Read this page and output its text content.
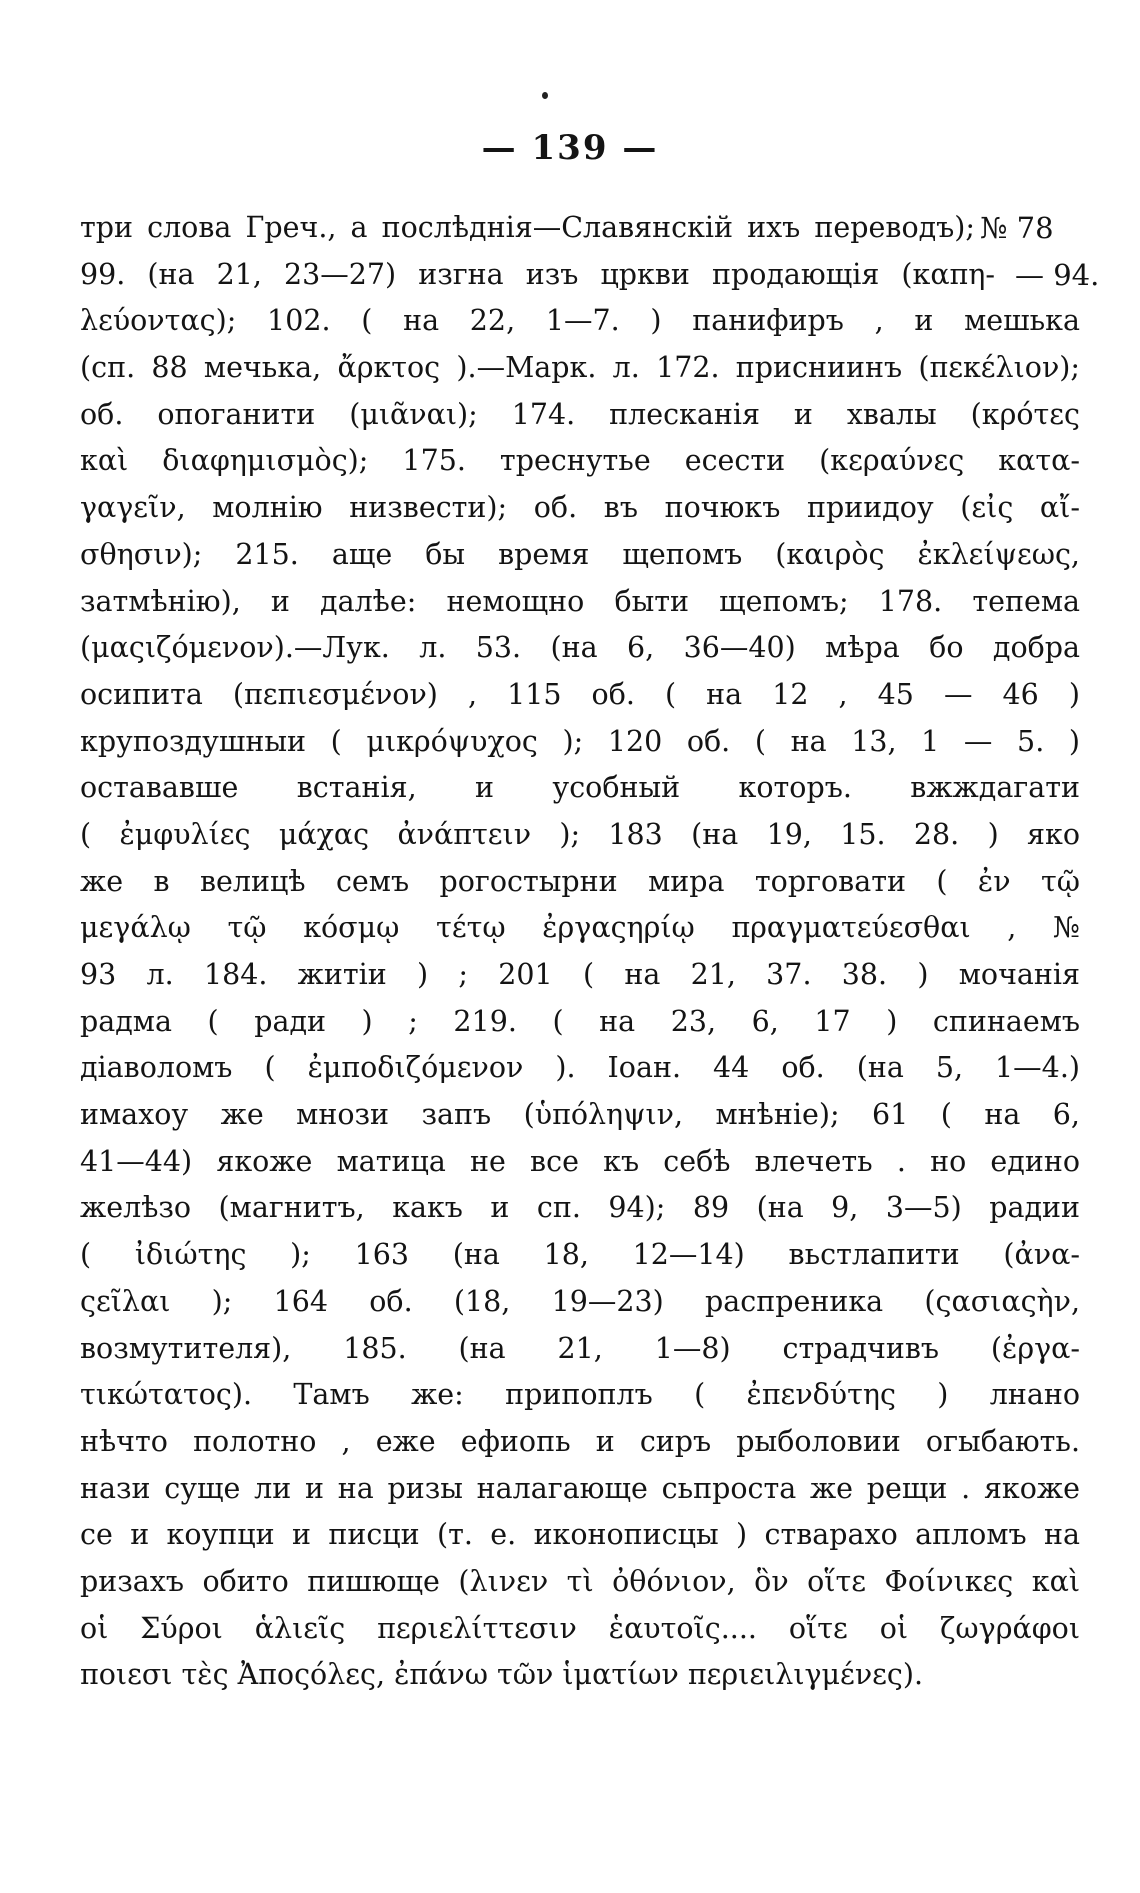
— 139 —
№ 78
— 94.
три слова Греч., а послѣднія—Славянскій ихъ переводъ);
99. (на 21, 23—27) изгна изъ цркви продающія (καπη-
λεύοντας); 102. ( на 22, 1—7. ) панифиръ , и мешька
(сп. 88 мечька, ἄρκτος ).—Марк. л. 172. присниинъ (πεκέλιον);
об. опоганити (μιᾶναι); 174. плесканія и хвалы (κρότες
καὶ διαφημισμὸς); 175. треснутье есести (κεραύνες κατα-
γαγεῖν, молнію низвести); об. въ почюкъ приидоу (εἰς αἴ-
σθησιν); 215. аще бы время щепомъ (καιρὸς ἐκλείψεως,
затмѣнію), и далѣе: немощно быти щепомъ; 178. тепема
(μαςιζόμενον).—Лук. л. 53. (на 6, 36—40) мѣра бо добра
осипита (πεπιεσμένον) , 115 об. ( на 12 , 45 — 46 )
крупоздушныи ( μικρόψυχος ); 120 об. ( на 13, 1 — 5. )
остававше встанія, и усобный которъ. вжждагати
( ἐμφυλίες μάχας ἀνάπτειν ); 183 (на 19, 15. 28. ) яко
же в велицѣ семъ рогостырни мира торговати ( ἐν τῷ
μεγάλῳ τῷ κόσμῳ τέτῳ ἐργαςηρίῳ πραγματεύεσθαι , №
93 л. 184. житіи ) ; 201 ( на 21, 37. 38. ) мочанія
радма ( ради ) ; 219. ( на 23, 6, 17 ) спинаемъ
діаволомъ ( ἐμποδιζόμενον ). Іоан. 44 об. (на 5, 1—4.)
имахоу же мнози запъ (ὑπόληψιν, мнѣніе); 61 ( на 6,
41—44) якоже матица не все къ себѣ влечеть . но едино
желѣзо (магнитъ, какъ и сп. 94); 89 (на 9, 3—5) радии
( ἰδιώτης ); 163 (на 18, 12—14) вьстлапити (ἀνα-
ςεῖλαι ); 164 об. (18, 19—23) распреника (ςασιαςὴν,
возмутителя), 185. (на 21, 1—8) страдчивъ (ἐργα-
τικώτατος). Тамъ же: припоплъ ( ἐπενδύτης ) лнано
нѣчто полотно , еже ефиопь и сиръ рыболовии огыбають.
нази суще ли и на ризы налагающе сьпроста же рещи . якоже
се и коупци и писци (т. е. иконописцы ) стварахо апломъ на
ризахъ обито пишюще (λινεν τὶ ὀθόνιον, ὃν οἵτε Φοίνικες καὶ
οἱ Σύροι ἁλιεῖς περιελίττεσιν ἑαυτοῖς.... οἵτε οἱ ζωγράφοι
ποιεσι τὲς Ἀποςόλες, ἐπάνω τῶν ἱματίων περιειλιγμένες).
